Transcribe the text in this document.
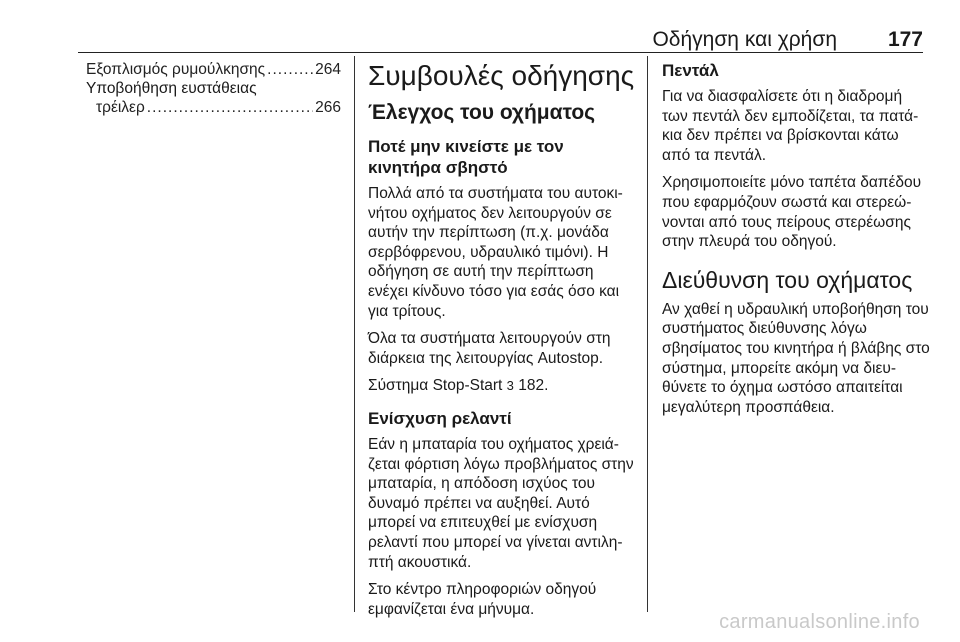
Οδήγηση και χρήση 177
Εξοπλισμός ρυμούλκησης .....	264
Υποβοήθηση ευστάθειας
τρέιλερ .....	266
Συμβουλές οδήγησης
Έλεγχος του οχήματος
Ποτέ μην κινείστε με τον κινητήρα σβηστό

Πολλά από τα συστήματα του αυτοκι-νήτου οχήματος δεν λειτουργούν σε αυτήν την περίπτωση (π.χ. μονάδα σερβόφρενου, υδραυλικό τιμόνι). Η οδήγηση σε αυτή την περίπτωση ενέχει κίνδυνο τόσο για εσάς όσο και για τρίτους.

Όλα τα συστήματα λειτουργούν στη διάρκεια της λειτουργίας Autostop.

Σύστημα Stop-Start 3 182.

Ενίσχυση ρελαντί

Εάν η μπαταρία του οχήματος χρειά-ζεται φόρτιση λόγω προβλήματος στην μπαταρία, η απόδοση ισχύος του δυναμό πρέπει να αυξηθεί. Αυτό μπορεί να επιτευχθεί με ενίσχυση ρελαντί που μπορεί να γίνεται αντιλη-πτή ακουστικά.

Στο κέντρο πληροφοριών οδηγού εμφανίζεται ένα μήνυμα.

Πεντάλ

Για να διασφαλίσετε ότι η διαδρομή των πεντάλ δεν εμποδίζεται, τα πατά-κια δεν πρέπει να βρίσκονται κάτω από τα πεντάλ.

Χρησιμοποιείτε μόνο ταπέτα δαπέδου που εφαρμόζουν σωστά και στερεώ-νονται από τους πείρους στερέωσης στην πλευρά του οδηγού.

Διεύθυνση του οχήματος

Αν χαθεί η υδραυλική υποβοήθηση του συστήματος διεύθυνσης λόγω σβησίματος του κινητήρα ή βλάβης στο σύστημα, μπορείτε ακόμη να διευ-θύνετε το όχημα ωστόσο απαιτείται μεγαλύτερη προσπάθεια.

carmanualsonline.info
